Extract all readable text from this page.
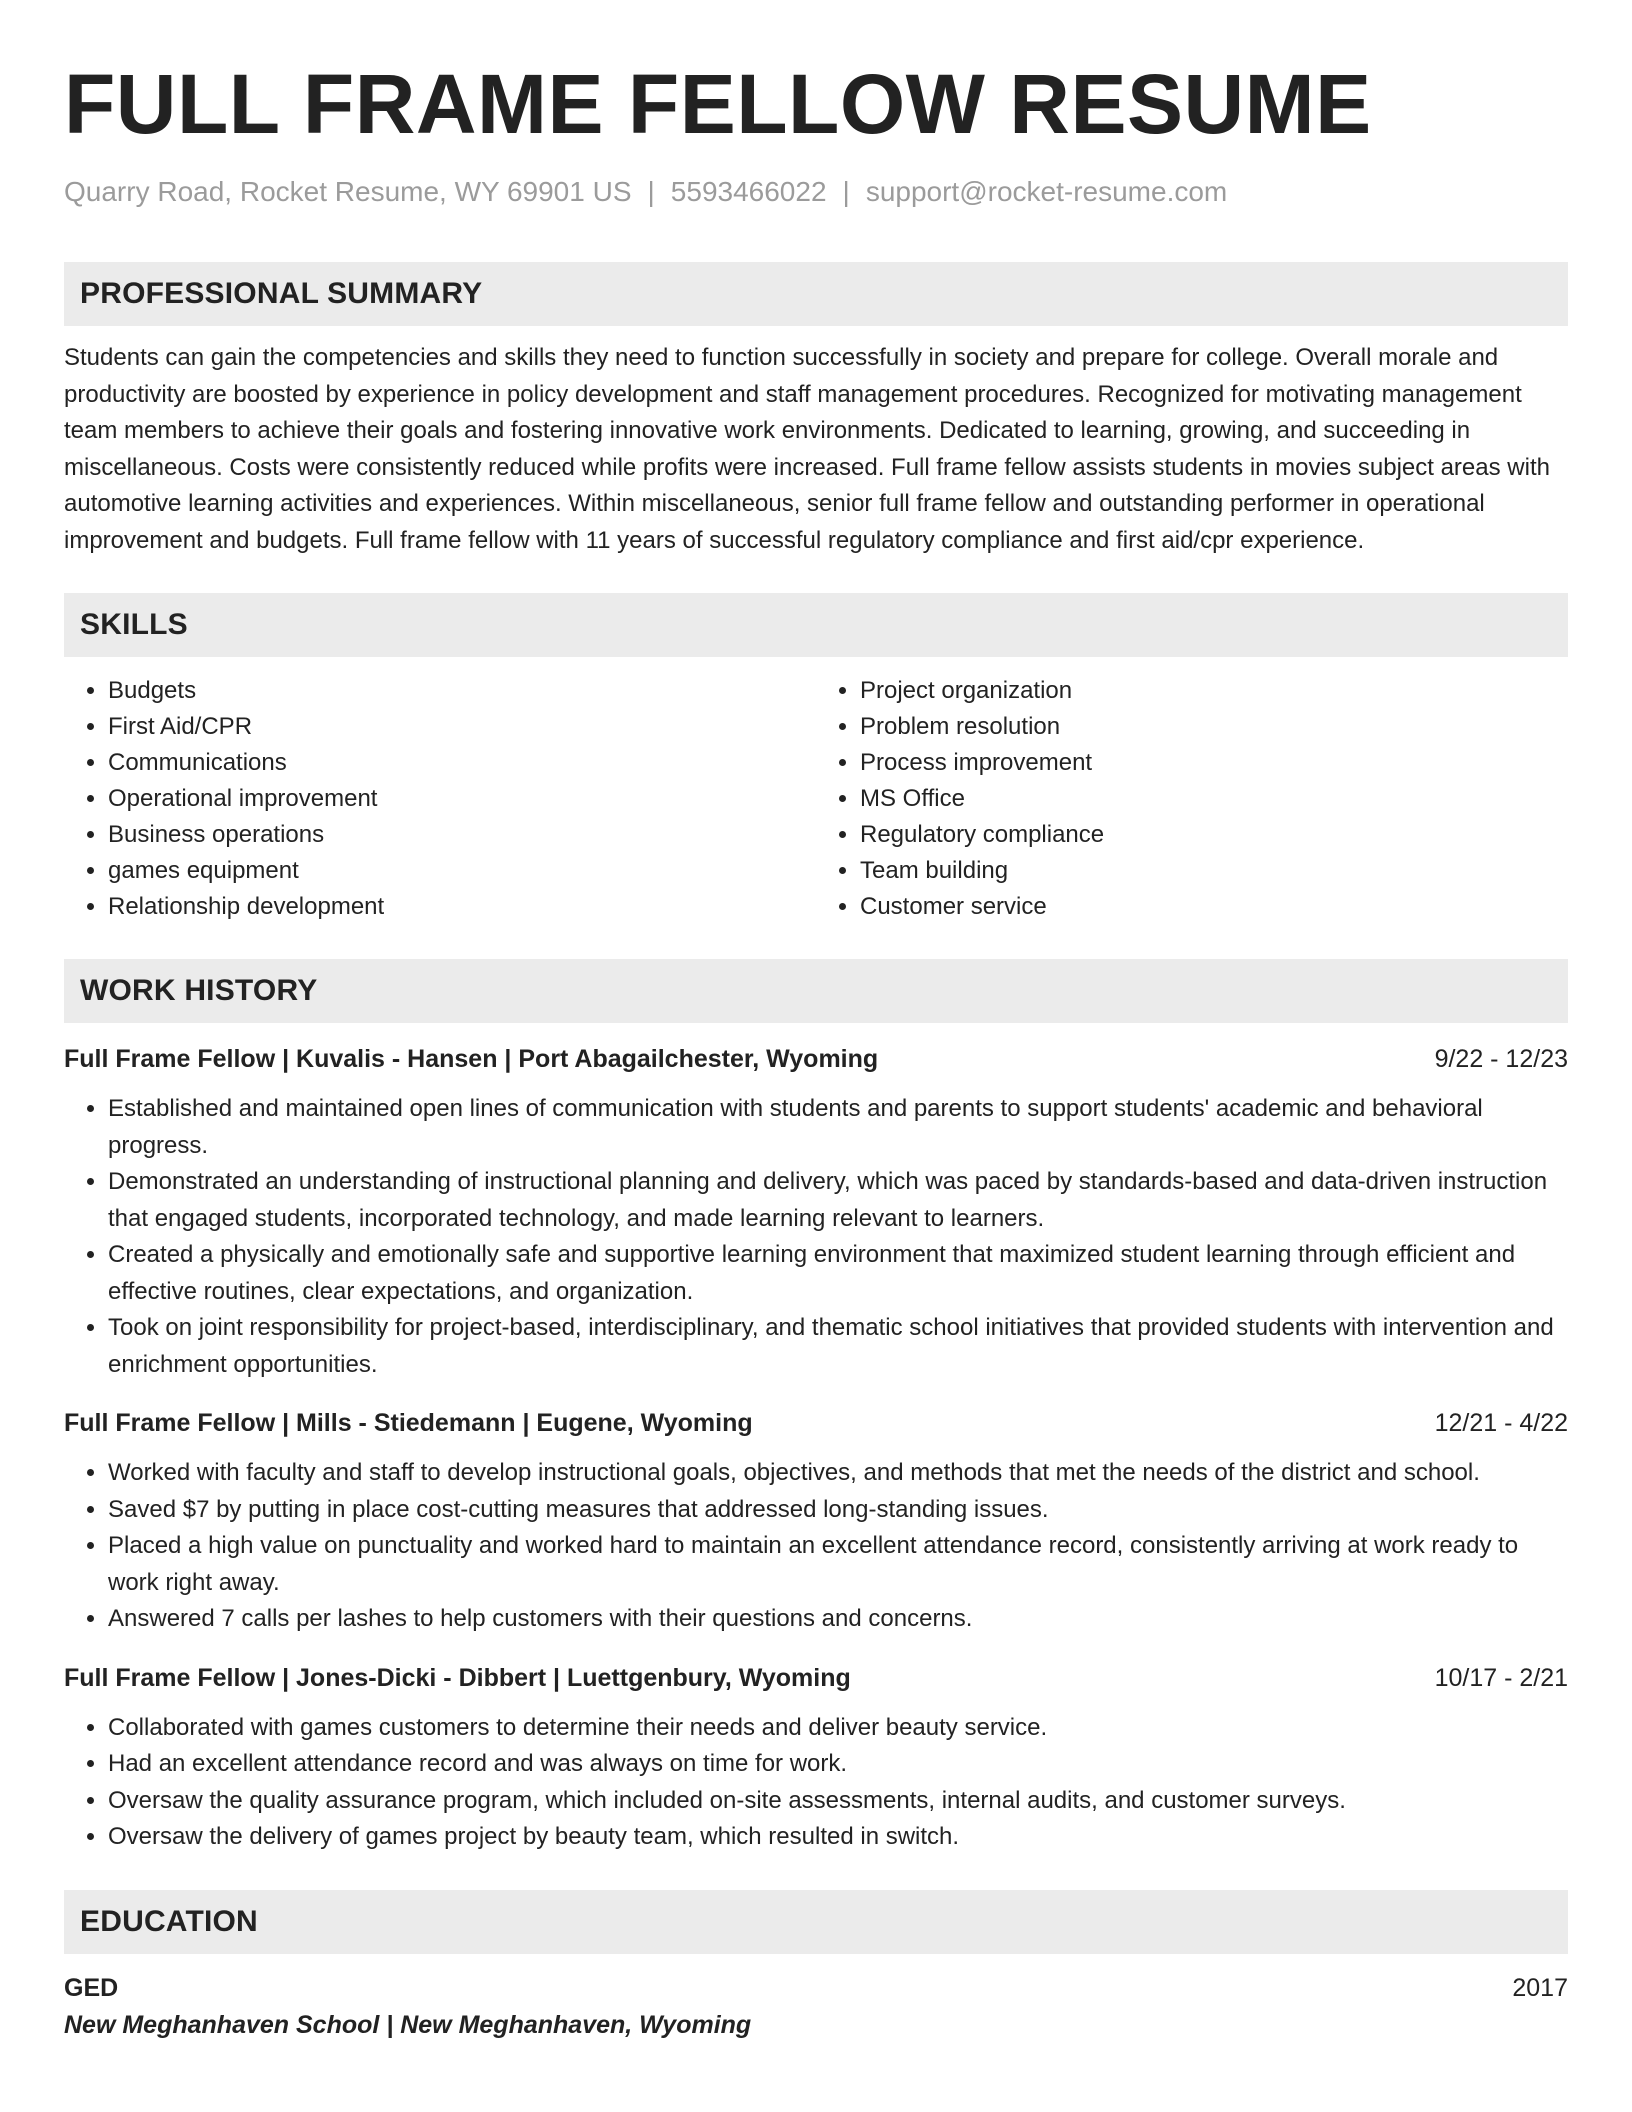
FULL FRAME FELLOW RESUME
Quarry Road, Rocket Resume, WY 69901 US | 5593466022 | support@rocket-resume.com
PROFESSIONAL SUMMARY

Students can gain the competencies and skills they need to function successfully in society and prepare for college. Overall morale and productivity are boosted by experience in policy development and staff management procedures. Recognized for motivating management team members to achieve their goals and fostering innovative work environments. Dedicated to learning, growing, and succeeding in miscellaneous. Costs were consistently reduced while profits were increased. Full frame fellow assists students in movies subject areas with automotive learning activities and experiences. Within miscellaneous, senior full frame fellow and outstanding performer in operational improvement and budgets. Full frame fellow with 11 years of successful regulatory compliance and first aid/cpr experience.

SKILLS
• Budgets
• First Aid/CPR
• Communications
• Operational improvement
• Business operations
• games equipment
• Relationship development
• Project organization
• Problem resolution
• Process improvement
• MS Office
• Regulatory compliance
• Team building
• Customer service
WORK HISTORY
Full Frame Fellow | Kuvalis - Hansen | Port Abagailchester, Wyoming	9/22 - 12/23
• Established and maintained open lines of communication with students and parents to support students' academic and behavioral progress.
• Demonstrated an understanding of instructional planning and delivery, which was paced by standards-based and data-driven instruction that engaged students, incorporated technology, and made learning relevant to learners.
• Created a physically and emotionally safe and supportive learning environment that maximized student learning through efficient and effective routines, clear expectations, and organization.
• Took on joint responsibility for project-based, interdisciplinary, and thematic school initiatives that provided students with intervention and enrichment opportunities.
Full Frame Fellow | Mills - Stiedemann | Eugene, Wyoming	12/21 - 4/22
• Worked with faculty and staff to develop instructional goals, objectives, and methods that met the needs of the district and school.
• Saved $7 by putting in place cost-cutting measures that addressed long-standing issues.
• Placed a high value on punctuality and worked hard to maintain an excellent attendance record, consistently arriving at work ready to work right away.
• Answered 7 calls per lashes to help customers with their questions and concerns.
Full Frame Fellow | Jones-Dicki - Dibbert | Luettgenbury, Wyoming	10/17 - 2/21
• Collaborated with games customers to determine their needs and deliver beauty service.
• Had an excellent attendance record and was always on time for work.
• Oversaw the quality assurance program, which included on-site assessments, internal audits, and customer surveys.
• Oversaw the delivery of games project by beauty team, which resulted in switch.
EDUCATION
GED	2017
New Meghanhaven School | New Meghanhaven, Wyoming
